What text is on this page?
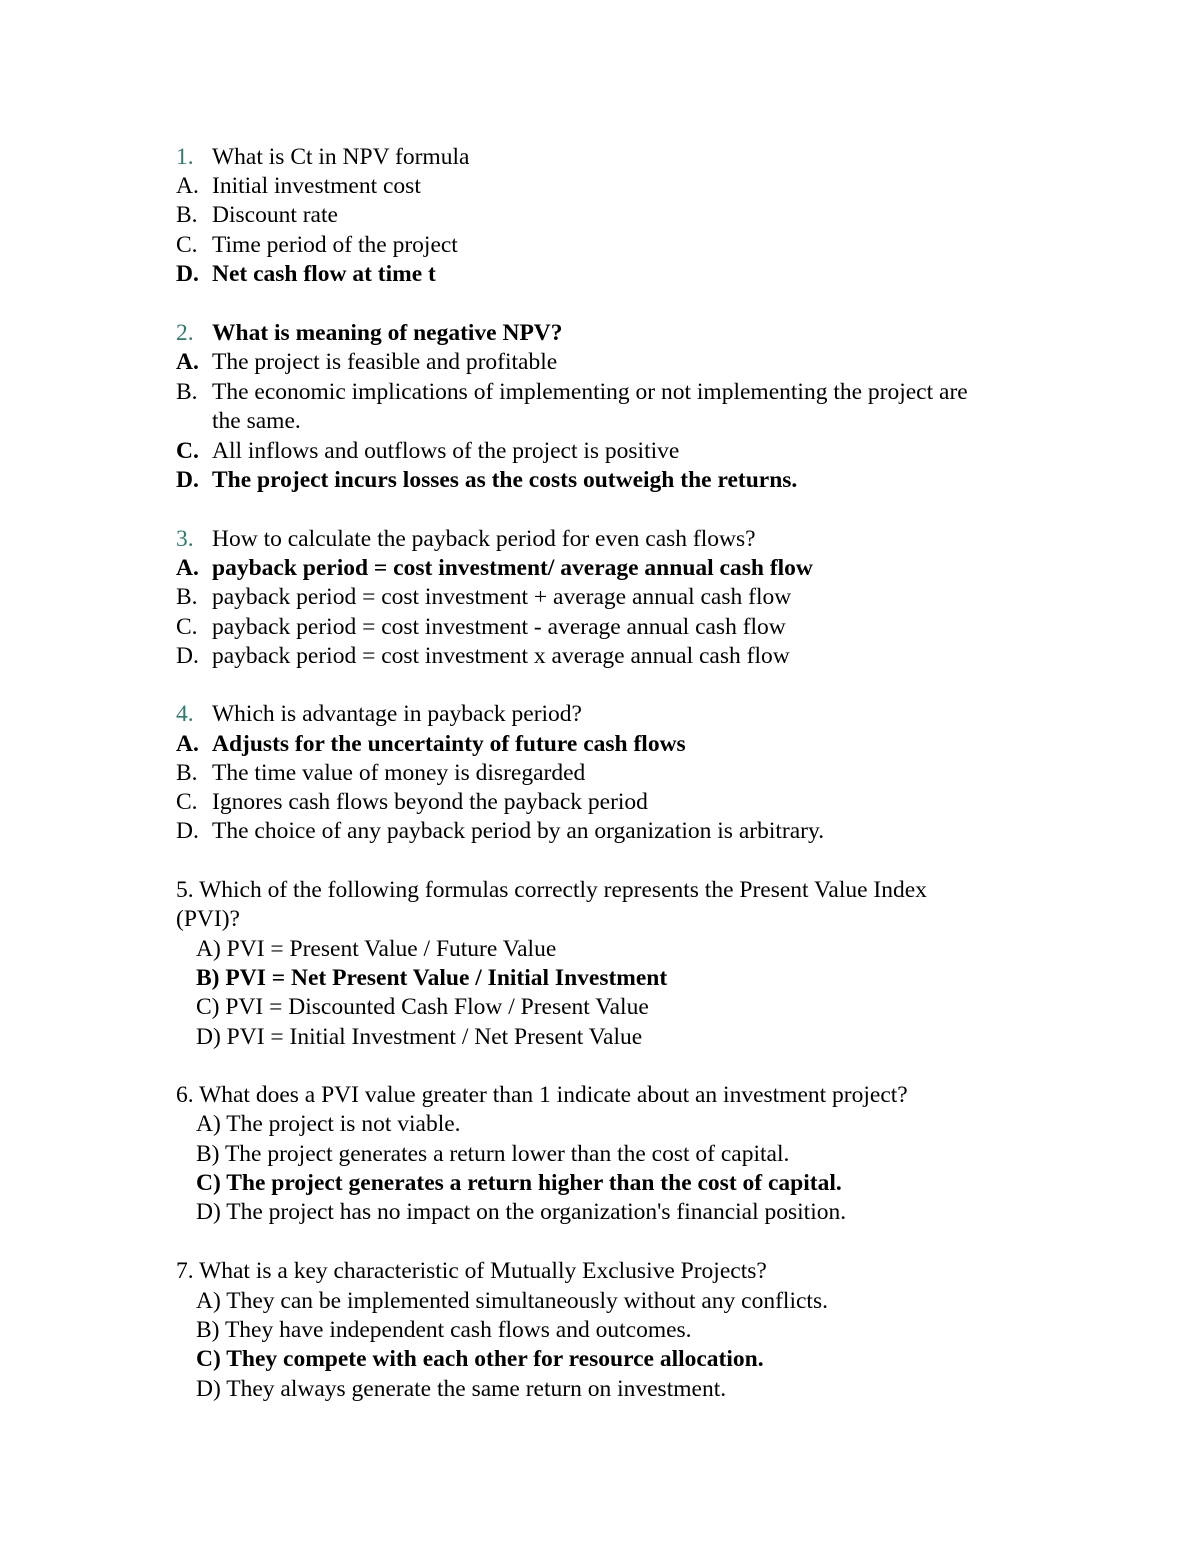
1. What is Ct in NPV formula
A. Initial investment cost
B. Discount rate
C. Time period of the project
D. Net cash flow at time t
2. What is meaning of negative NPV?
A. The project is feasible and profitable
B. The economic implications of implementing or not implementing the project are
the same.
C. All inflows and outflows of the project is positive
D. The project incurs losses as the costs outweigh the returns.
3. How to calculate the payback period for even cash flows?
A. payback period = cost investment/ average annual cash flow
B. payback period = cost investment + average annual cash flow
C. payback period = cost investment - average annual cash flow
D. payback period = cost investment x average annual cash flow
4. Which is advantage in payback period?
A. Adjusts for the uncertainty of future cash flows
B. The time value of money is disregarded
C. Ignores cash flows beyond the payback period
D. The choice of any payback period by an organization is arbitrary.
5. Which of the following formulas correctly represents the Present Value Index
(PVI)?
A) PVI = Present Value / Future Value
B) PVI = Net Present Value / Initial Investment
C) PVI = Discounted Cash Flow / Present Value
D) PVI = Initial Investment / Net Present Value
6. What does a PVI value greater than 1 indicate about an investment project?
A) The project is not viable.
B) The project generates a return lower than the cost of capital.
C) The project generates a return higher than the cost of capital.
D) The project has no impact on the organization's financial position.
7. What is a key characteristic of Mutually Exclusive Projects?
A) They can be implemented simultaneously without any conflicts.
B) They have independent cash flows and outcomes.
C) They compete with each other for resource allocation.
D) They always generate the same return on investment.
